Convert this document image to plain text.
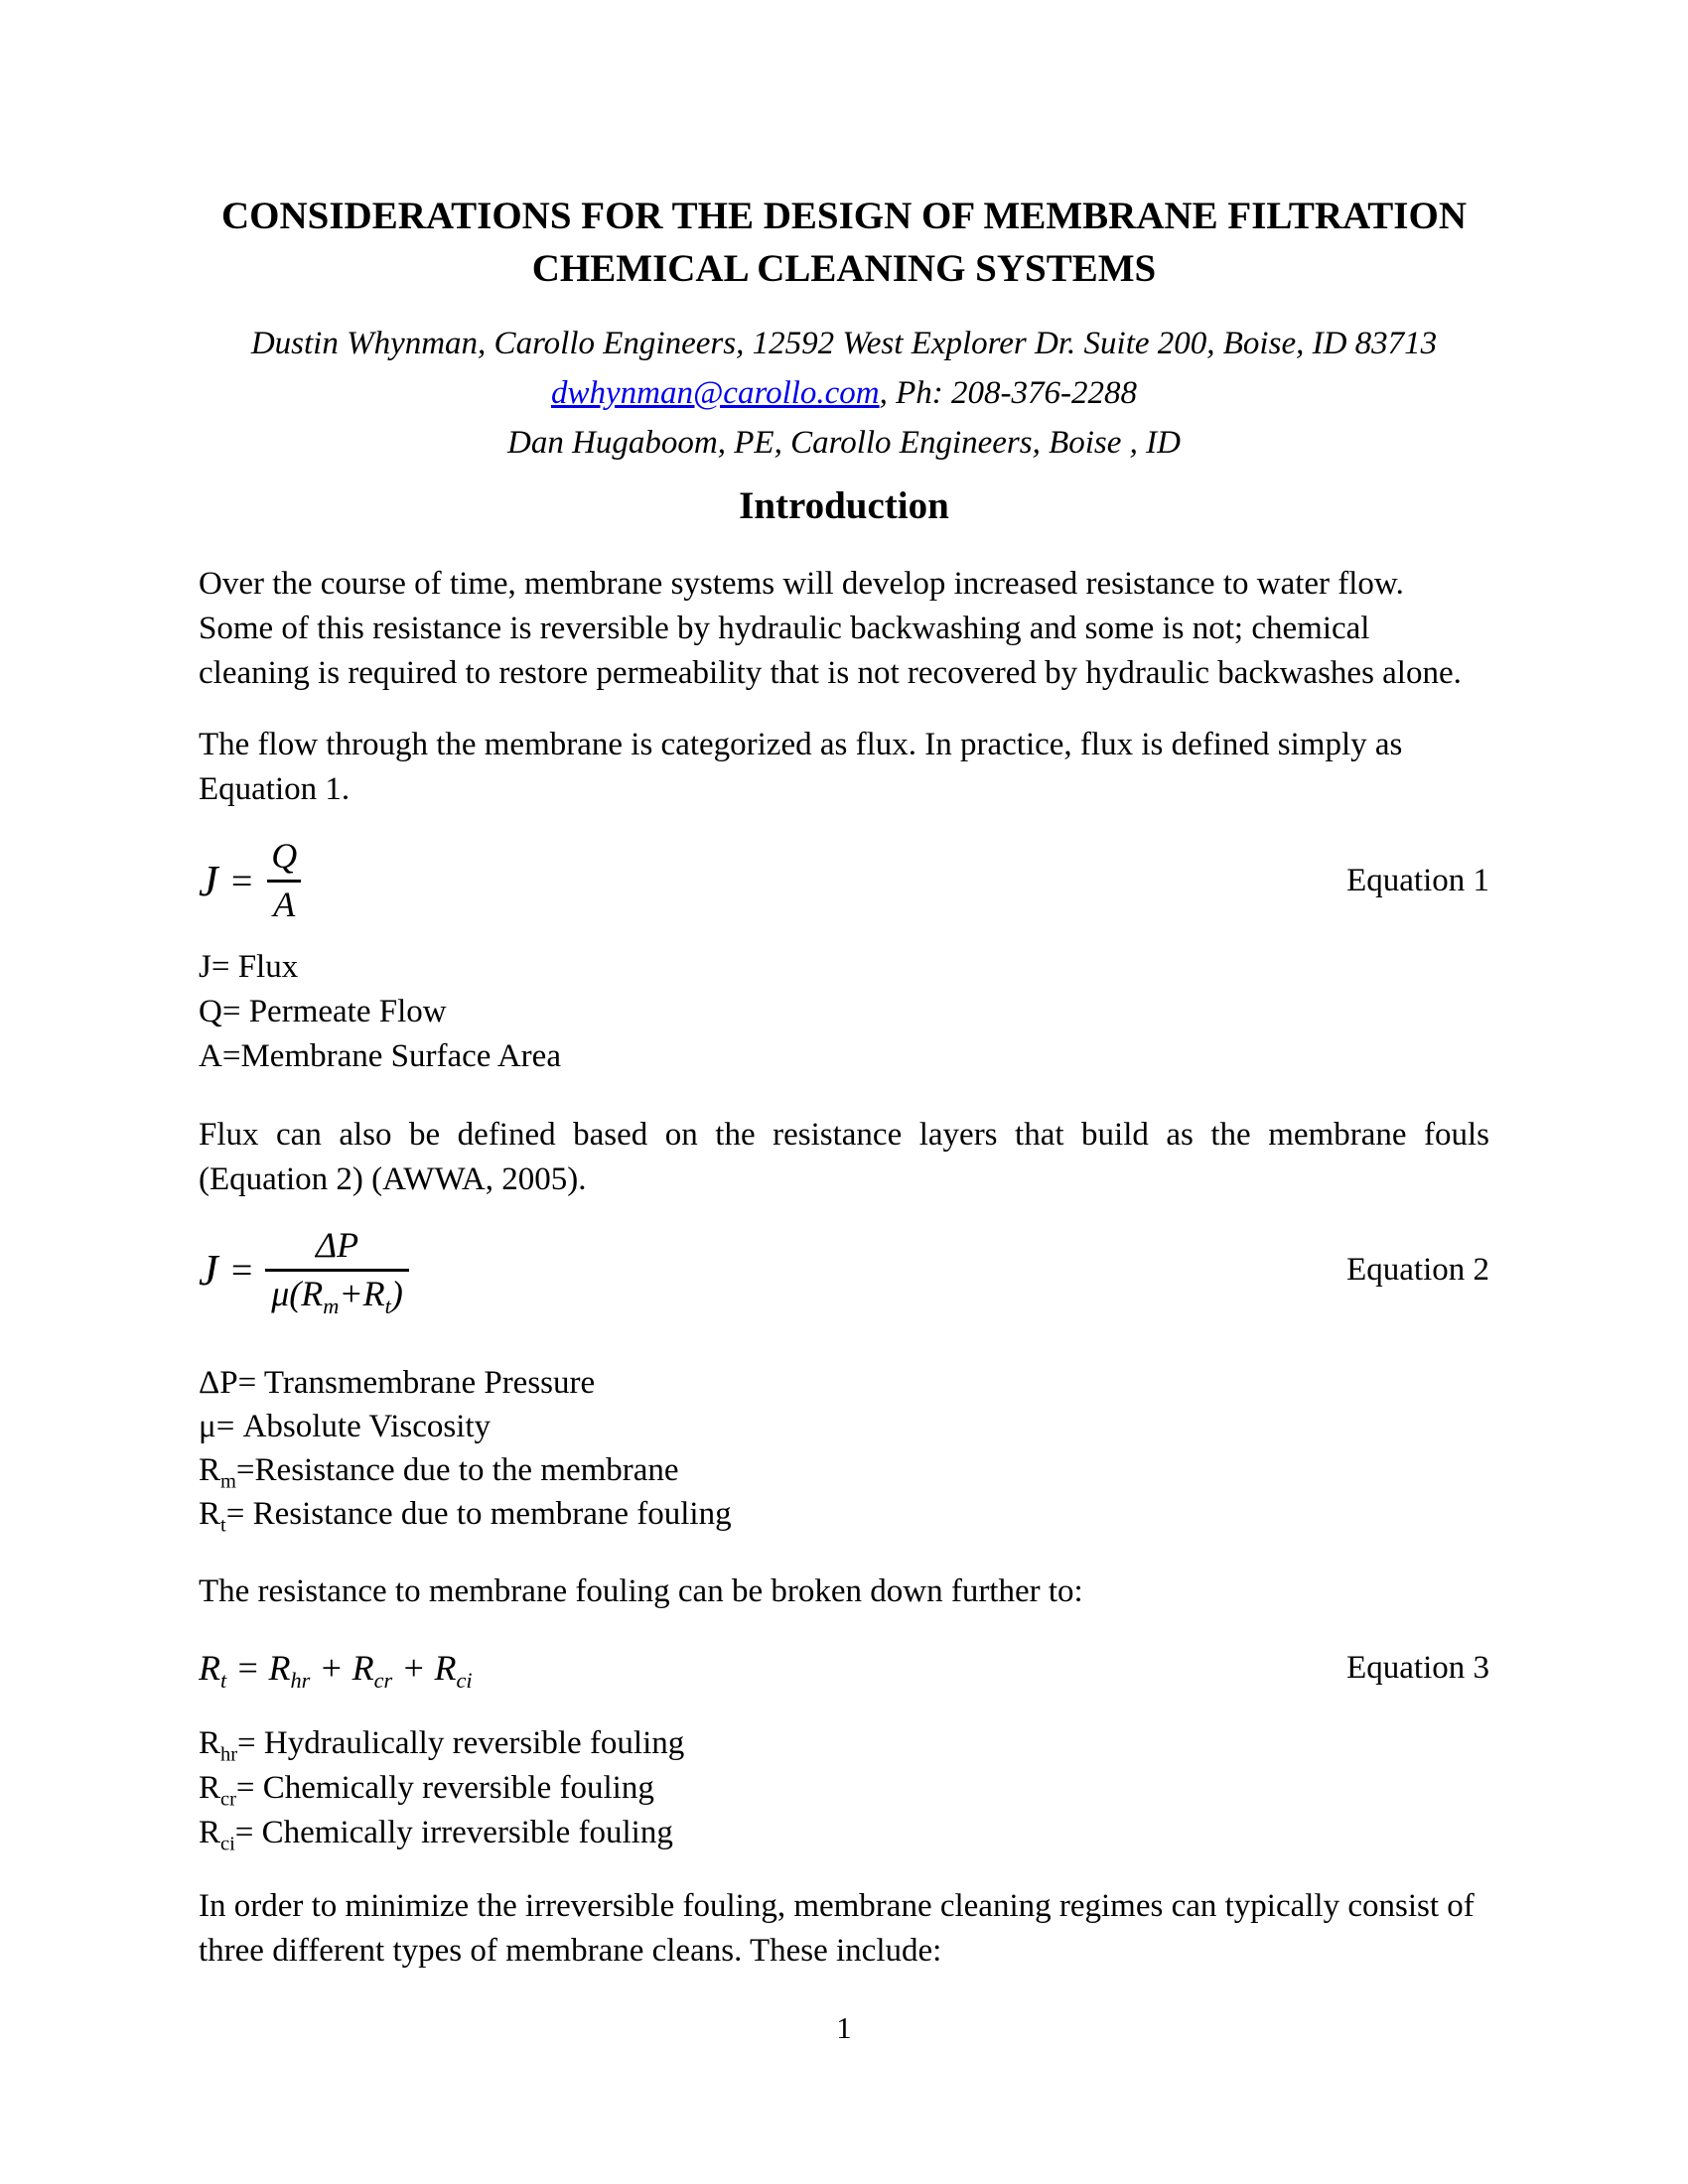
CONSIDERATIONS FOR THE DESIGN OF MEMBRANE FILTRATION
CHEMICAL CLEANING SYSTEMS
Dustin Whynman, Carollo Engineers, 12592 West Explorer Dr. Suite 200, Boise, ID 83713
dwhynman@carollo.com, Ph: 208-376-2288
Dan Hugaboom, PE, Carollo Engineers, Boise , ID
Introduction
Over the course of time, membrane systems will develop increased resistance to water flow.
Some of this resistance is reversible by hydraulic backwashing and some is not; chemical
cleaning is required to restore permeability that is not recovered by hydraulic backwashes alone.
The flow through the membrane is categorized as flux. In practice, flux is defined simply as
Equation 1.
$J = \frac{Q}{A}$	Equation 1
J= Flux
Q= Permeate Flow
A=Membrane Surface Area
Flux can also be defined based on the resistance layers that build as the membrane fouls
(Equation 2) (AWWA, 2005).
$J = \frac{\Delta P}{\mu(R_m+R_t)}$	Equation 2
ΔP= Transmembrane Pressure
μ= Absolute Viscosity
$R_m=Resistance$ due to the membrane
$R_t=$ Resistance due to membrane fouling
The resistance to membrane fouling can be broken down further to:
$R_t = R_{hr} + R_{cr} + R_{ci}$	Equation 3
$R_{hr}=$ Hydraulically reversible fouling
$R_{cr}=$ Chemically reversible fouling
$R_{ci}=$ Chemically irreversible fouling
In order to minimize the irreversible fouling, membrane cleaning regimes can typically consist of
three different types of membrane cleans. These include:
1
